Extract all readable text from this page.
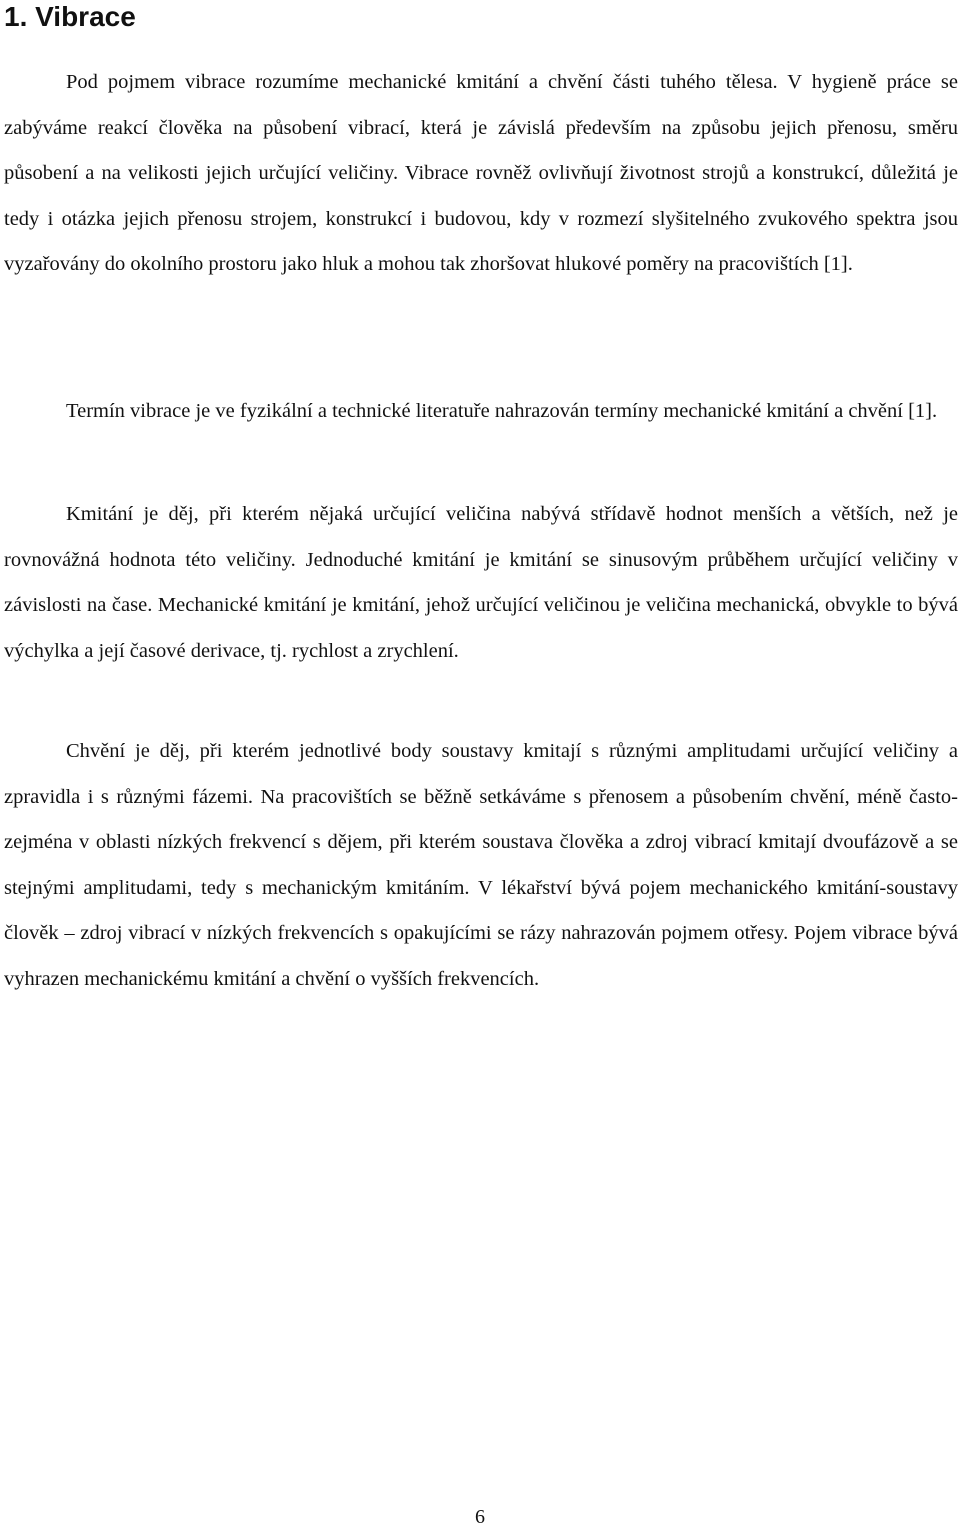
1. Vibrace

Pod pojmem vibrace rozumíme mechanické kmitání a chvění části tuhého tělesa. V hygieně práce se zabýváme reakcí člověka na působení vibrací, která je závislá především na způsobu jejich přenosu, směru působení a na velikosti jejich určující veličiny. Vibrace rovněž ovlivňují životnost strojů a konstrukcí, důležitá je tedy i otázka jejich přenosu strojem, konstrukcí i budovou, kdy v rozmezí slyšitelného zvukového spektra jsou vyzařovány do okolního prostoru jako hluk a mohou tak zhoršovat hlukové poměry na pracovištích [1].

Termín vibrace je ve fyzikální a technické literatuře nahrazován termíny mechanické kmitání a chvění [1].

Kmitání je děj, při kterém nějaká určující veličina nabývá střídavě hodnot menších a větších, než je rovnovážná hodnota této veličiny. Jednoduché kmitání je kmitání se sinusovým průběhem určující veličiny v závislosti na čase. Mechanické kmitání je kmitání, jehož určující veličinou je veličina mechanická, obvykle to bývá výchylka a její časové derivace, tj. rychlost a zrychlení.

Chvění je děj, při kterém jednotlivé body soustavy kmitají s různými amplitudami určující veličiny a zpravidla i s různými fázemi. Na pracovištích se běžně setkáváme s přenosem a působením chvění, méně často- zejména v oblasti nízkých frekvencí s dějem, při kterém soustava člověka a zdroj vibrací kmitají dvoufázově a se stejnými amplitudami, tedy s mechanickým kmitáním. V lékařství bývá pojem mechanického kmitání-soustavy člověk – zdroj vibrací v nízkých frekvencích s opakujícími se rázy nahrazován pojmem otřesy. Pojem vibrace bývá vyhrazen mechanickému kmitání a chvění o vyšších frekvencích.

6
